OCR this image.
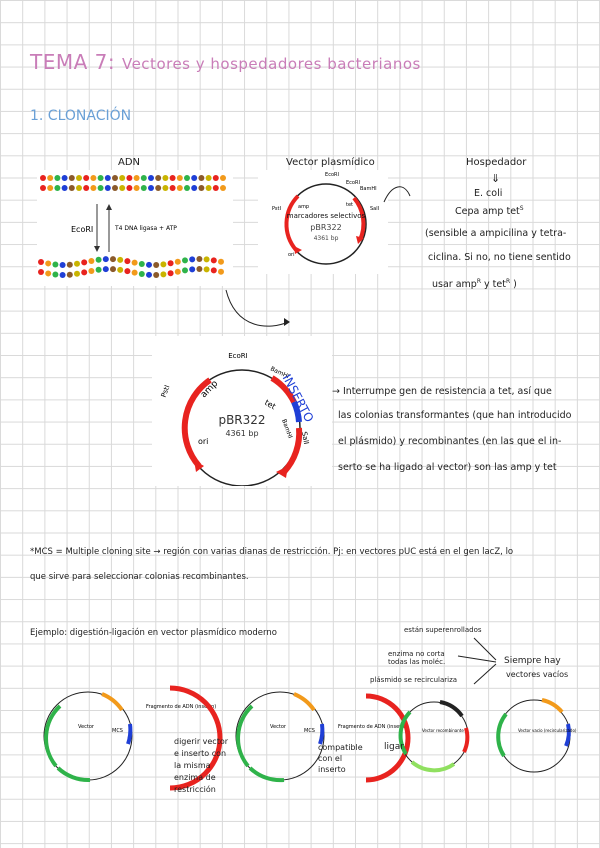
TEMA 7: Vectores y hospedadores bacterianos
1. CLONACIÓN
ADN	Vector plasmídico	Hospedador
EcoRI	T4 DNA ligasa + ATP
EcoRI
EcoRI
BamHI
PstI	SalI
amp	tet
ori
marcadores selectivos
pBR322
4361 bp
⇓
E. coli
Cepa amp tet$^S$
(sensible a ampicilina y tetra-
ciclina. Si no, no tiene sentido
usar amp$^R$ y tet$^R$ )
EcoRI
PstI
BamHI
BamHI SalI
amp
tet
ori
pBR322
4361 bp
INSERTO → Interrumpe gen de resistencia a tet, así que
las colonias transformantes (que han introducido
el plásmido) y recombinantes (en las que el in-
serto se ha ligado al vector) son las amp y tet
*MCS = Multiple cloning site → región con varias dianas de restricción. Pj: en vectores pUC está en el gen lacZ, lo
que sirve para seleccionar colonias recombinantes.
Ejemplo: digestión-ligación en vector plasmídico moderno	están superenrollados
enzima no corta todas las moléc.
plásmido se recirculariza
Siempre hay
vectores vacíos
Vector
MCS
Fragmento de ADN (inserto)
Vector
MCS
Fragmento de ADN (inserto)
Vector recombinante	Vector vacío (recircularizado)
digerir vector
e inserto con
la misma
enzima de
restricción
compatible
con el
inserto
ligar
